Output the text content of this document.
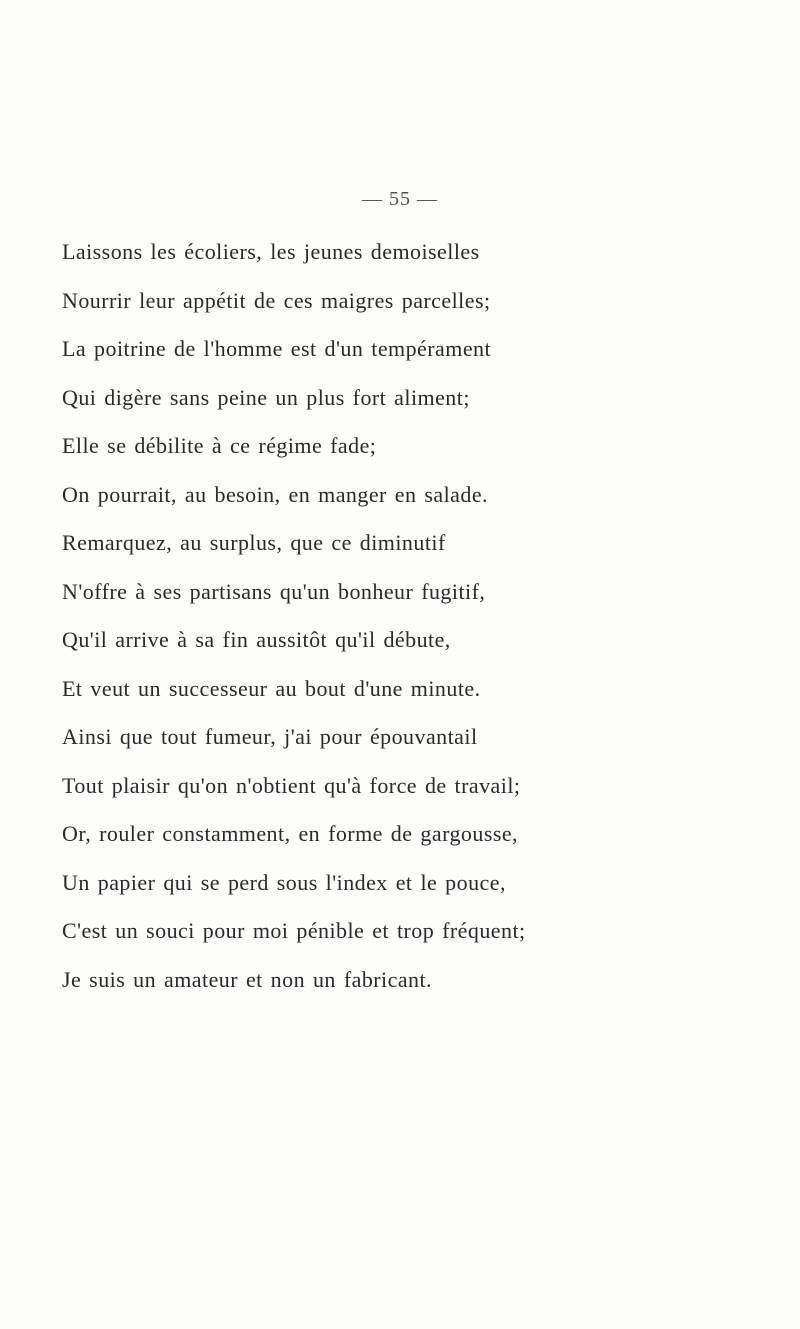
— 55 —
Laissons les écoliers, les jeunes demoiselles
Nourrir leur appétit de ces maigres parcelles;
La poitrine de l'homme est d'un tempérament
Qui digère sans peine un plus fort aliment;
Elle se débilite à ce régime fade;
On pourrait, au besoin, en manger en salade.
Remarquez, au surplus, que ce diminutif
N'offre à ses partisans qu'un bonheur fugitif,
Qu'il arrive à sa fin aussitôt qu'il débute,
Et veut un successeur au bout d'une minute.
Ainsi que tout fumeur, j'ai pour épouvantail
Tout plaisir qu'on n'obtient qu'à force de travail;
Or, rouler constamment, en forme de gargousse,
Un papier qui se perd sous l'index et le pouce,
C'est un souci pour moi pénible et trop fréquent;
Je suis un amateur et non un fabricant.
